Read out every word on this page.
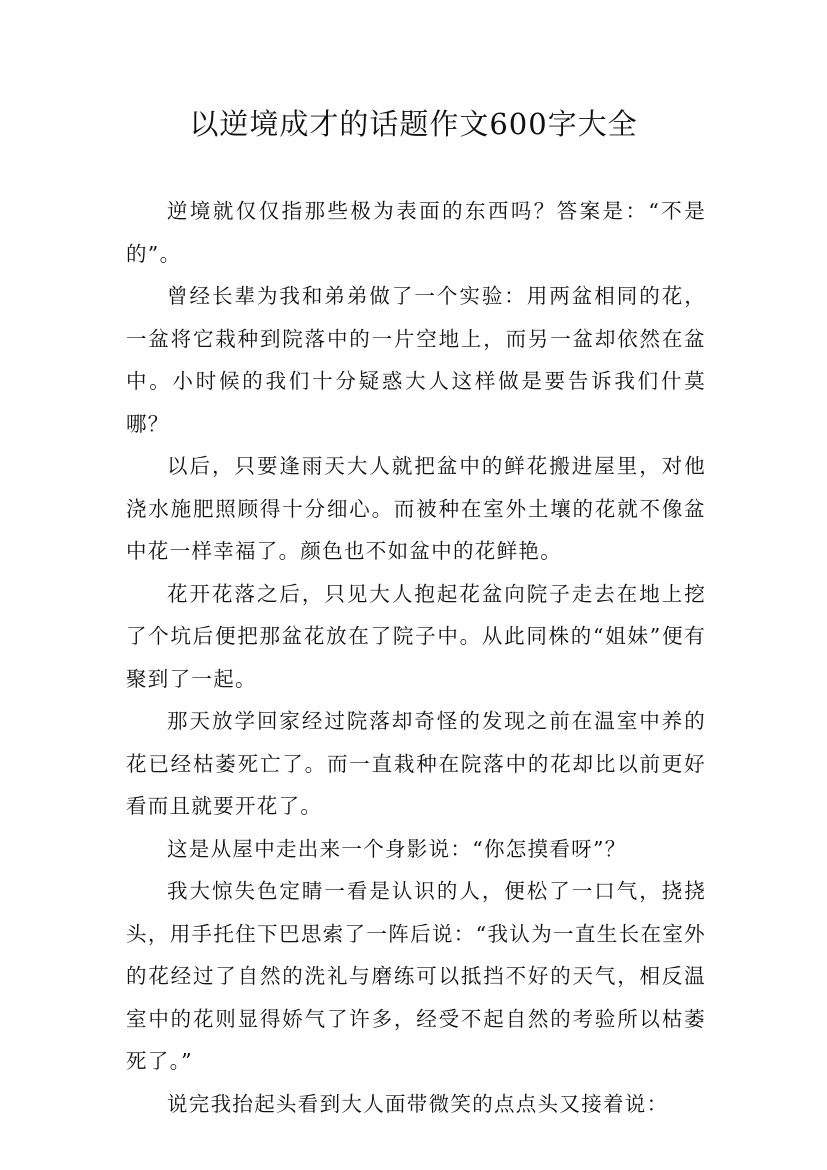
以逆境成才的话题作文600字大全

逆境就仅仅指那些极为表面的东西吗？答案是：“不是的”。

曾经长辈为我和弟弟做了一个实验：用两盆相同的花，一盆将它栽种到院落中的一片空地上，而另一盆却依然在盆中。小时候的我们十分疑惑大人这样做是要告诉我们什莫哪？

以后，只要逢雨天大人就把盆中的鲜花搬进屋里，对他浇水施肥照顾得十分细心。而被种在室外土壤的花就不像盆中花一样幸福了。颜色也不如盆中的花鲜艳。

花开花落之后，只见大人抱起花盆向院子走去在地上挖了个坑后便把那盆花放在了院子中。从此同株的“姐妹”便有聚到了一起。

那天放学回家经过院落却奇怪的发现之前在温室中养的花已经枯萎死亡了。而一直栽种在院落中的花却比以前更好看而且就要开花了。

这是从屋中走出来一个身影说：“你怎摸看呀”？

我大惊失色定睛一看是认识的人，便松了一口气，挠挠头，用手托住下巴思索了一阵后说：“我认为一直生长在室外的花经过了自然的洗礼与磨练可以抵挡不好的天气，相反温室中的花则显得娇气了许多，经受不起自然的考验所以枯萎死了。”

说完我抬起头看到大人面带微笑的点点头又接着说：
